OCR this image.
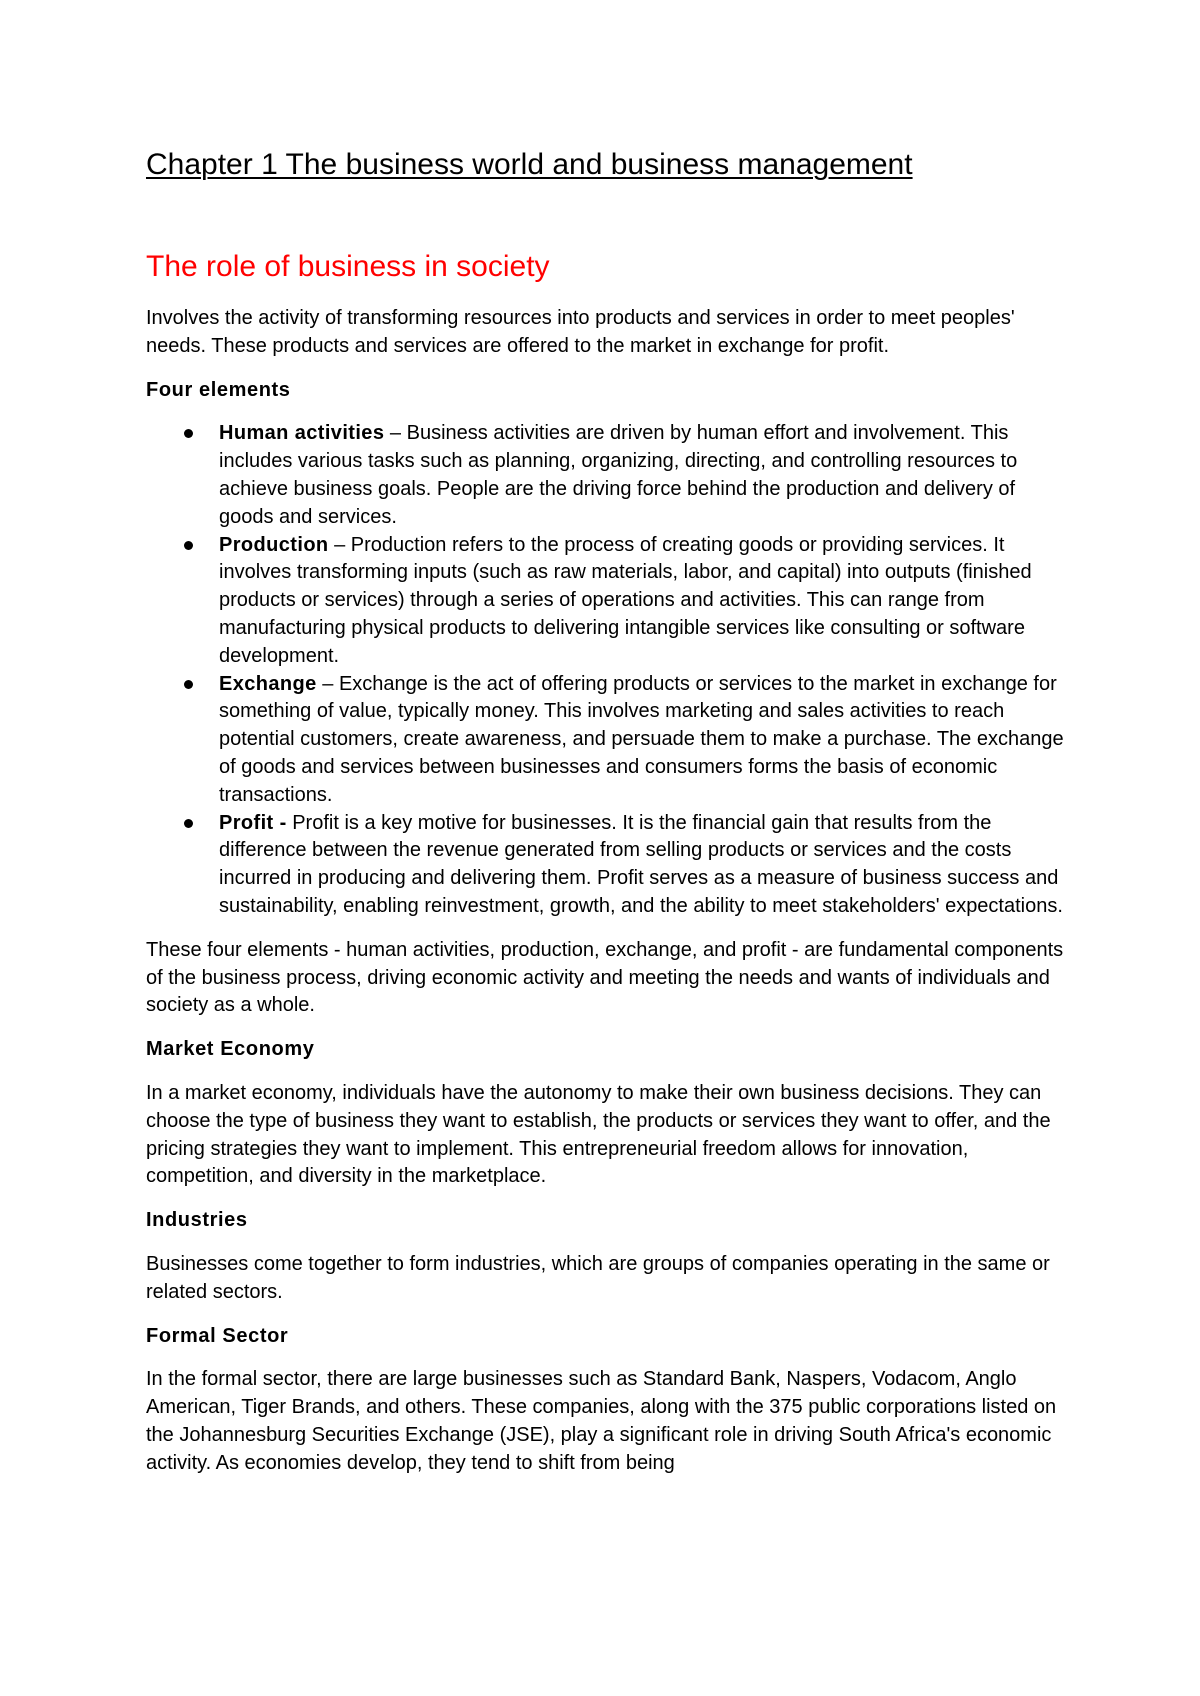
Chapter 1 The business world and business management
The role of business in society

Involves the activity of transforming resources into products and services in order to meet peoples' needs. These products and services are offered to the market in exchange for profit.

Four elements
Human activities – Business activities are driven by human effort and involvement. This includes various tasks such as planning, organizing, directing, and controlling resources to achieve business goals. People are the driving force behind the production and delivery of goods and services.
Production – Production refers to the process of creating goods or providing services. It involves transforming inputs (such as raw materials, labor, and capital) into outputs (finished products or services) through a series of operations and activities. This can range from manufacturing physical products to delivering intangible services like consulting or software development.
Exchange – Exchange is the act of offering products or services to the market in exchange for something of value, typically money. This involves marketing and sales activities to reach potential customers, create awareness, and persuade them to make a purchase. The exchange of goods and services between businesses and consumers forms the basis of economic transactions.
Profit - Profit is a key motive for businesses. It is the financial gain that results from the difference between the revenue generated from selling products or services and the costs incurred in producing and delivering them. Profit serves as a measure of business success and sustainability, enabling reinvestment, growth, and the ability to meet stakeholders' expectations.

These four elements - human activities, production, exchange, and profit - are fundamental components of the business process, driving economic activity and meeting the needs and wants of individuals and society as a whole.

Market Economy

In a market economy, individuals have the autonomy to make their own business decisions. They can choose the type of business they want to establish, the products or services they want to offer, and the pricing strategies they want to implement. This entrepreneurial freedom allows for innovation, competition, and diversity in the marketplace.

Industries

Businesses come together to form industries, which are groups of companies operating in the same or related sectors.

Formal Sector

In the formal sector, there are large businesses such as Standard Bank, Naspers, Vodacom, Anglo American, Tiger Brands, and others. These companies, along with the 375 public corporations listed on the Johannesburg Securities Exchange (JSE), play a significant role in driving South Africa's economic activity. As economies develop, they tend to shift from being
